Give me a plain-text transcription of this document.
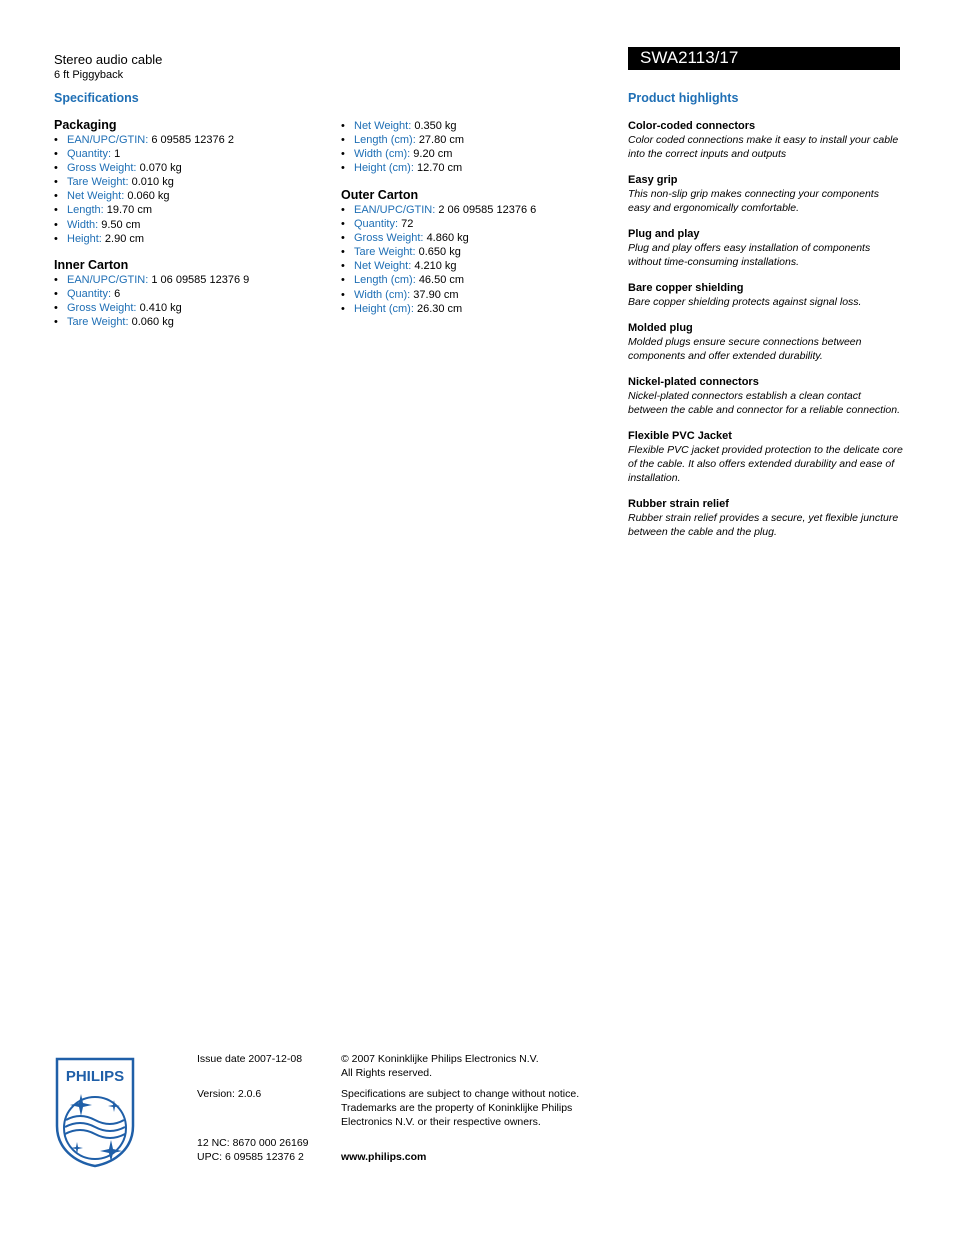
Stereo audio cable
6 ft Piggyback
SWA2113/17
Specifications
Packaging
• EAN/UPC/GTIN: 6 09585 12376 2
• Quantity: 1
• Gross Weight: 0.070 kg
• Tare Weight: 0.010 kg
• Net Weight: 0.060 kg
• Length: 19.70 cm
• Width: 9.50 cm
• Height: 2.90 cm
Inner Carton
• EAN/UPC/GTIN: 1 06 09585 12376 9
• Quantity: 6
• Gross Weight: 0.410 kg
• Tare Weight: 0.060 kg
• Net Weight: 0.350 kg
• Length (cm): 27.80 cm
• Width (cm): 9.20 cm
• Height (cm): 12.70 cm
Outer Carton
• EAN/UPC/GTIN: 2 06 09585 12376 6
• Quantity: 72
• Gross Weight: 4.860 kg
• Tare Weight: 0.650 kg
• Net Weight: 4.210 kg
• Length (cm): 46.50 cm
• Width (cm): 37.90 cm
• Height (cm): 26.30 cm
Product highlights
Color-coded connectors
Color coded connections make it easy to install your cable into the correct inputs and outputs
Easy grip
This non-slip grip makes connecting your components easy and ergonomically comfortable.
Plug and play
Plug and play offers easy installation of components without time-consuming installations.
Bare copper shielding
Bare copper shielding protects against signal loss.
Molded plug
Molded plugs ensure secure connections between components and offer extended durability.
Nickel-plated connectors
Nickel-plated connectors establish a clean contact between the cable and connector for a reliable connection.
Flexible PVC Jacket
Flexible PVC jacket provided protection to the delicate core of the cable. It also offers extended durability and ease of installation.
Rubber strain relief
Rubber strain relief provides a secure, yet flexible juncture between the cable and the plug.
PHILIPS
Issue date 2007-12-08
Version: 2.0.6
12 NC: 8670 000 26169
UPC: 6 09585 12376 2
© 2007 Koninklijke Philips Electronics N.V.
All Rights reserved.
Specifications are subject to change without notice.
Trademarks are the property of Koninklijke Philips
Electronics N.V. or their respective owners.
www.philips.com
